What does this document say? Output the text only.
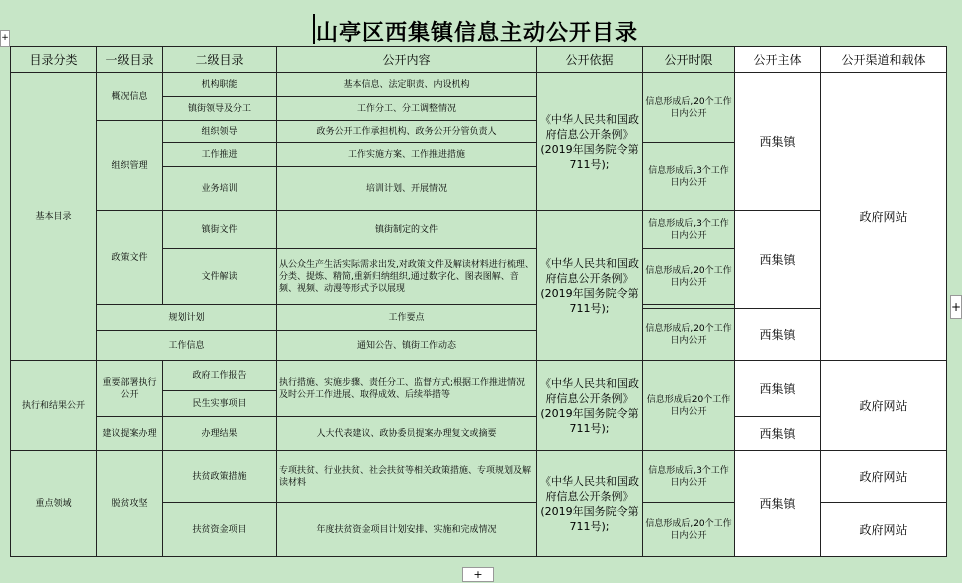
山亭区西集镇信息主动公开目录
+
目录分类	一级目录	二级目录	公开内容	公开依据	公开时限	公开主体	公开渠道和载体
基本目录	概况信息	机构职能	基本信息、法定职责、内设机构	《中华人民共和国政府信息公开条例》(2019年国务院令第711号);	信息形成后,20个工作日内公开	西集镇	政府网站
		镇街领导及分工	工作分工、分工调整情况				
	组织管理	组织领导	政务公开工作承担机构、政务公开分管负责人				
		工作推进	工作实施方案、工作推进措施		信息形成后,3个工作日内公开		
		业务培训	培训计划、开展情况				
	政策文件	镇街文件	镇街制定的文件	《中华人民共和国政府信息公开条例》(2019年国务院令第711号);	信息形成后,3个工作日内公开	西集镇	
		文件解读	从公众生产生活实际需求出发,对政策文件及解读材料进行梳理、分类、提炼、精简,重新归纳组织,通过数字化、图表图解、音频、视频、动漫等形式予以展现		信息形成后,20个工作日内公开		

	规划计划		工作要点				
					信息形成后,20个工作日内公开	西集镇	
	工作信息		通知公告、镇街工作动态				

执行和结果公开	重要部署执行公开	政府工作报告	执行措施、实施步骤、责任分工、监督方式;根据工作推进情况及时公开工作进展、取得成效、后续举措等	《中华人民共和国政府信息公开条例》(2019年国务院令第711号);	信息形成后20个工作日内公开	西集镇	政府网站
		民生实事项目					
	建议提案办理	办理结果	人大代表建议、政协委员提案办理复文或摘要			西集镇	
重点领域	脱贫攻坚	扶贫政策措施	专项扶贫、行业扶贫、社会扶贫等相关政策措施、专项规划及解读材料	《中华人民共和国政府信息公开条例》(2019年国务院令第711号);	信息形成后,3个工作日内公开	西集镇	政府网站
		扶贫资金项目	年度扶贫资金项目计划安排、实施和完成情况		信息形成后,20个工作日内公开		政府网站
+
+
